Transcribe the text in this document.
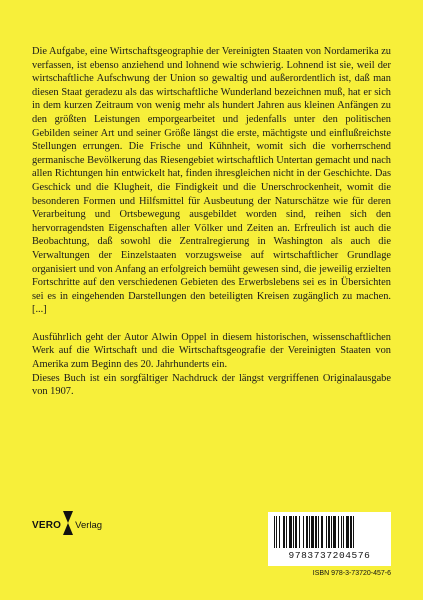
Die Aufgabe, eine Wirtschaftsgeographie der Vereinigten Staaten von Nordamerika zu verfassen, ist ebenso anziehend und lohnend wie schwierig. Lohnend ist sie, weil der wirtschaftliche Aufschwung der Union so gewaltig und außerordentlich ist, daß man diesen Staat geradezu als das wirtschaftliche Wunderland bezeichnen muß, hat er sich in dem kurzen Zeitraum von wenig mehr als hundert Jahren aus kleinen Anfängen zu den größten Leistungen emporgearbeitet und jedenfalls unter den politischen Gebilden seiner Art und seiner Größe längst die erste, mächtigste und einflußreichste Stellungen errungen. Die Frische und Kühnheit, womit sich die vorherrschend germanische Bevölkerung das Riesengebiet wirtschaftlich Untertan gemacht und nach allen Richtungen hin entwickelt hat, finden ihresgleichen nicht in der Geschichte. Das Geschick und die Klugheit, die Findigkeit und die Unerschrockenheit, womit die besonderen Formen und Hilfsmittel für Ausbeutung der Naturschätze wie für deren Verarbeitung und Ortsbewegung ausgebildet worden sind, reihen sich den hervorragendsten Eigenschaften aller Völker und Zeiten an. Erfreulich ist auch die Beobachtung, daß sowohl die Zentralregierung in Washington als auch die Verwaltungen der Einzelstaaten vorzugsweise auf wirtschaftlicher Grundlage organisiert und von Anfang an erfolgreich bemüht gewesen sind, die jeweilig erzielten Fortschritte auf den verschiedenen Gebieten des Erwerbslebens sei es in Übersichten sei es in eingehenden Darstellungen den beteiligten Kreisen zugänglich zu machen. [...]

Ausführlich geht der Autor Alwin Oppel in diesem historischen, wissenschaftlichen Werk auf die Wirtschaft und die Wirtschaftsgeografie der Vereinigten Staaten von Amerika zum Beginn des 20. Jahrhunderts ein.

Dieses Buch ist ein sorgfältiger Nachdruck der längst vergriffenen Originalausgabe von 1907.

VERO Verlag
9783737204576
ISBN 978-3-73720-457-6
